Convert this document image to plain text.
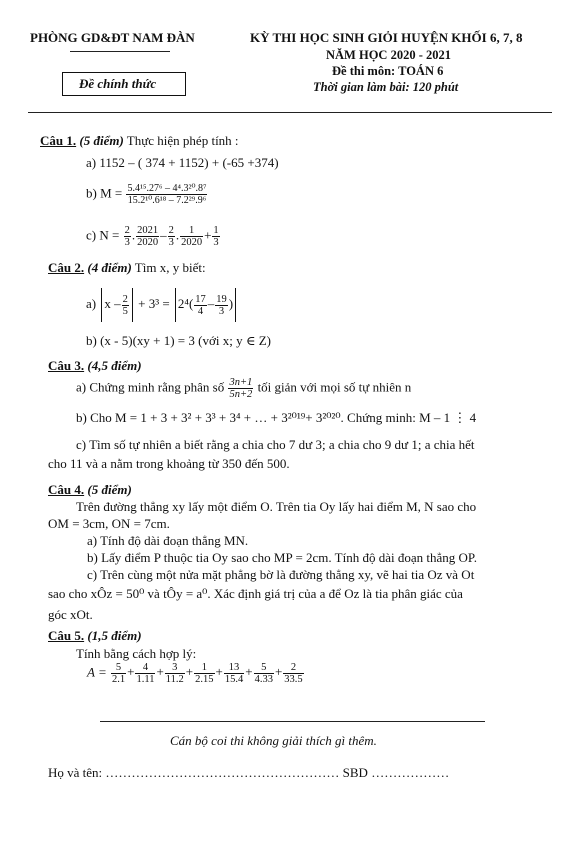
PHÒNG GD&ĐT NAM ĐÀN
Đề chính thức
KỲ THI HỌC SINH GIỎI HUYỆN KHỐI 6, 7, 8
NĂM HỌC 2020 - 2021
Đề thi môn: TOÁN 6
Thời gian làm bài: 120 phút
Câu 1. (5 điểm) Thực hiện phép tính :
a) 1152 – ( 374 + 1152) + (-65 +374)
b) $M = \frac{\text{5.4¹⁵.27⁶ – 4⁴.3²⁰.8⁷}}{\text{15.2¹⁰.6¹⁸ – 7.2²⁹.9⁶}}$
c) $N = \frac{2}{3}$ . $\frac{2021}{2020} - \frac{2}{3}$ . $\frac{1}{2020} + \frac{1}{3}$
Câu 2. (4 điểm) Tìm x, y biết:
a) $x - \frac{2}{5} + 3^3 = 2^4( \frac{17}{4} - \frac{19}{3}$ )
b) (x - 5)(xy + 1) = 3 (với x; y ∈ Z)
Câu 3. (4,5 điểm)
a) Chứng minh rằng phân số $\frac{3n+1}{5n+2}$ tối giản với mọi số tự nhiên n
b) Cho M = 1 + 3 + 3² + 3³ + 3⁴ + … + 3²⁰¹⁹+ 3²⁰²⁰. Chứng minh: M – 1 ⋮ 4
c) Tìm số tự nhiên a biết rằng a chia cho 7 dư 3; a chia cho 9 dư 1; a chia hết
cho 11 và a nằm trong khoảng từ 350 đến 500.
Câu 4. (5 điểm)
Trên đường thẳng xy lấy một điểm O. Trên tia Oy lấy hai điểm M, N sao cho
OM = 3cm, ON = 7cm.
a) Tính độ dài đoạn thẳng MN.
b) Lấy điểm P thuộc tia Oy sao cho MP = 2cm. Tính độ dài đoạn thẳng OP.
c) Trên cùng một nửa mặt phẳng bờ là đường thẳng xy, vẽ hai tia Oz và Ot
sao cho xÔz = 50⁰ và tÔy = a⁰. Xác định giá trị của a để Oz là tia phân giác của
góc xOt.
Câu 5. (1,5 điểm)
Tính bằng cách hợp lý:
$A = \frac{5}{2.1} + \frac{4}{1.11} + \frac{3}{11.2} + \frac{1}{2.15} + \frac{13}{15.4} + \frac{5}{4.33} + \frac{2}{33.5}$
Cán bộ coi thi không giải thích gì thêm.
Họ và tên: ……………………………………………… SBD ………………
